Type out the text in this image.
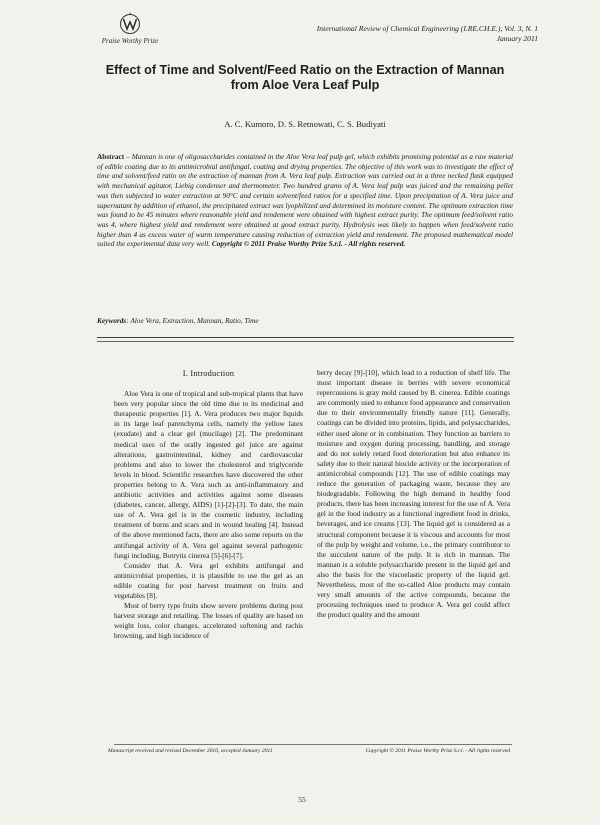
Praise Worthy Prize
International Review of Chemical Engineering (I.RE.CH.E.), Vol. 3, N. 1
January 2011
Effect of Time and Solvent/Feed Ratio on the Extraction of Mannan from Aloe Vera Leaf Pulp
A. C. Kumoro, D. S. Retnowati, C. S. Budiyati
Abstract – Mannan is one of oligosaccharides contained in the Aloe Vera leaf pulp gel, which exhibits promising potential as a raw material of edible coating due to its antimicrobial antifungal, coating and drying properties. The objective of this work was to investigate the effect of time and solvent/feed ratio on the extraction of mannan from A. Vera leaf pulp. Extraction was carried out in a three necked flask equipped with mechanical agitator, Liebig condenser and thermometer. Two hundred grams of A. Vera leaf pulp was juiced and the remaining pellet was then subjected to water extraction at 90°C and certain solvent/feed ratios for a specified time. Upon precipitation of A. Vera juice and supernatant by addition of ethanol, the precipitated extract was lyophilized and determined its moisture content. The optimum extraction time was found to be 45 minutes where reasonable yield and rendement were obtained with highest extract purity. The optimum feed/solvent ratio was 4, where highest yield and rendement were obtained at good extract purity. Hydrolysis was likely to happen when feed/solvent ratio higher than 4 as excess water of warm temperature causing reduction of extraction yield and rendement. The proposed mathematical model suited the experimental data very well. Copyright © 2011 Praise Worthy Prize S.r.l. - All rights reserved.
Keywords: Aloe Vera, Extraction, Mannan, Ratio, Time
I. Introduction

Aloe Vera is one of tropical and sub-tropical plants that have been very popular since the old time due to its medicinal and therapeutic properties [1]. A. Vera produces two major liquids in its large leaf parenchyma cells, namely the yellow latex (exudate) and a clear gel (mucilage) [2]. The predominant medical uses of the orally ingested gel juice are against alterations, gastrointestinal, kidney and cardiovascular problems and also to lower the cholesterol and triglyceride levels in blood. Scientific researches have discovered the other properties belong to A. Vera such as anti-inflammatory and antibiotic activities and activities against some diseases (diabetes, cancer, allergy, AIDS) [1]-[2]-[3]. To date, the main use of A. Vera gel is in the cosmetic industry, including treatment of burns and scars and in wound healing [4]. Instead of the above mentioned facts, there are also some reports on the antifungal activity of A. Vera gel against several pathogenic fungi including, Botrytis cinerea [5]-[6]-[7].

Consider that A. Vera gel exhibits antifungal and antimicrobial properties, it is plausible to use the gel as an edible coating for post harvest treatment on fruits and vegetables [8].

Most of berry type fruits show severe problems during post harvest storage and retailing. The losses of quality are based on weight loss, color changes, accelerated softening and rachis browning, and high incidence of

berry decay [9]-[10], which lead to a reduction of shelf life. The most important disease in berries with severe economical repercussions is gray mold caused by B. cinerea. Edible coatings are commonly used to enhance food appearance and conservation due to their environmentally friendly nature [11]. Generally, coatings can be divided into proteins, lipids, and polysaccharides, either used alone or in combination. They function as barriers to moisture and oxygen during processing, handling, and storage and do not solely retard food deterioration but also enhance its safety due to their natural biocide activity or the incorporation of antimicrobial compounds [12]. The use of edible coatings may reduce the generation of packaging waste, because they are biodegradable. Following the high demand in healthy food products, there has been increasing interest for the use of A. Vera gel in the food industry as a functional ingredient food in drinks, beverages, and ice creams [13]. The liquid gel is considered as a structural component because it is viscous and accounts for most of the pulp by weight and volume, i.e., the primary contributor to the succulent nature of the pulp. It is rich in mannan. The mannan is a soluble polysaccharide present in the liquid gel and also the basis for the viscoelastic property of the liquid gel. Nevertheless, most of the so-called Aloe products may contain very small amounts of the active compounds, because the processing techniques used to produce A. Vera gel could affect the product quality and the amount

Manuscript received and revised December 2010, accepted January 2011	Copyright © 2011 Praise Worthy Prize S.r.l. - All rights reserved
55
